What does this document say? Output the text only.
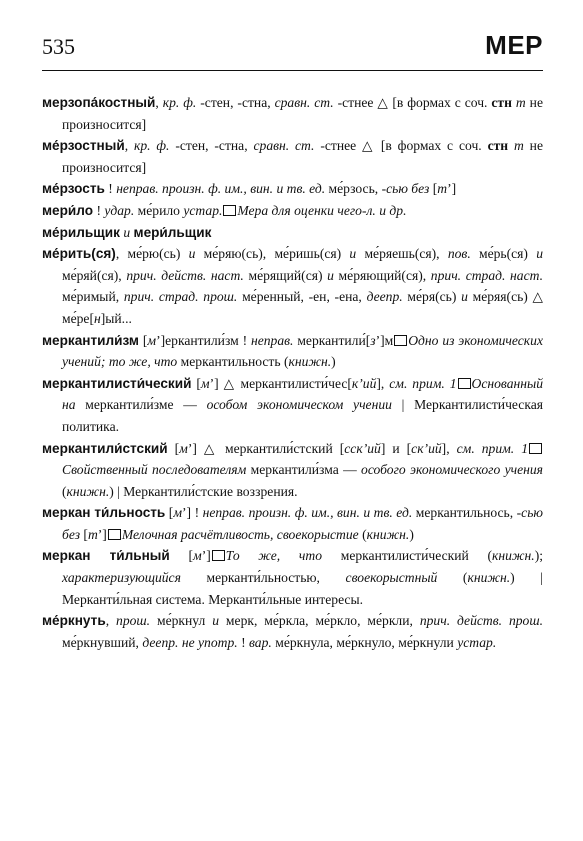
535	МЕР
мерзопа́костный, кр. ф. -стен, -стна, сравн. ст. -стнее △ [в формах с соч. стн т не произносится]
ме́рзостный, кр. ф. -стен, -стна, сравн. ст. -стнее △ [в формах с соч. стн т не произносится]
ме́рзость ! неправ. произн. ф. им., вин. и тв. ед. ме́рзось, -сью без [тʼ]
мери́ло ! удар. ме́рило устар. Мера для оценки чего-л. и др.
ме́рильщик и мери́льщик
ме́рить(ся), ме́рю(сь) и ме́ряю(сь), ме́ришь(ся) и ме́ряешь(ся), пов. ме́рь(ся) и ме́ряй(ся), прич. действ. наст. ме́рящий(ся) и ме́ряющий(ся), прич. страд. наст. ме́римый, прич. страд. прош. ме́ренный, -ен, -ена, деепр. ме́ря(сь) и ме́ряя(сь) △ ме́ре[н]ый...
меркантили́зм [мʼ]еркантили́зм ! неправ. меркантили́[зʼ]м Одно из экономических учений; то же, что меркантильность (книжн.)
меркантилисти́ческий [мʼ] △ меркантилисти́чес[кʼий], см. прим. 1 Основанный на меркантили́зме — особом экономическом учении | Меркантилисти́ческая политика.
меркантили́стский [мʼ] △ меркантили́стский [сскʼий] и [скʼий], см. прим. 1Свойственный последователям меркантили́зма — особого экономического учения (книжн.) | Меркантили́стские воззрения.
меркан ти́льность [мʼ] ! неправ. произн. ф. им., вин. и тв. ед. меркантильнось, -сью без [тʼ] Мелочная расчётливость, своекорыстие (книжн.)
меркан ти́льный [мʼ] То же, что меркантилисти́ческий (книжн.); характеризующийся мерканти́льностью, своекорыстный (книжн.) | Мерканти́льная система. Мерканти́льные интересы.
ме́ркнуть, прош. ме́ркнул и мерк, ме́ркла, ме́ркло, ме́ркли, прич. действ. прош. ме́ркнувший, деепр. не употр. ! вар. ме́ркнула, ме́ркнуло, ме́ркнули устар.
